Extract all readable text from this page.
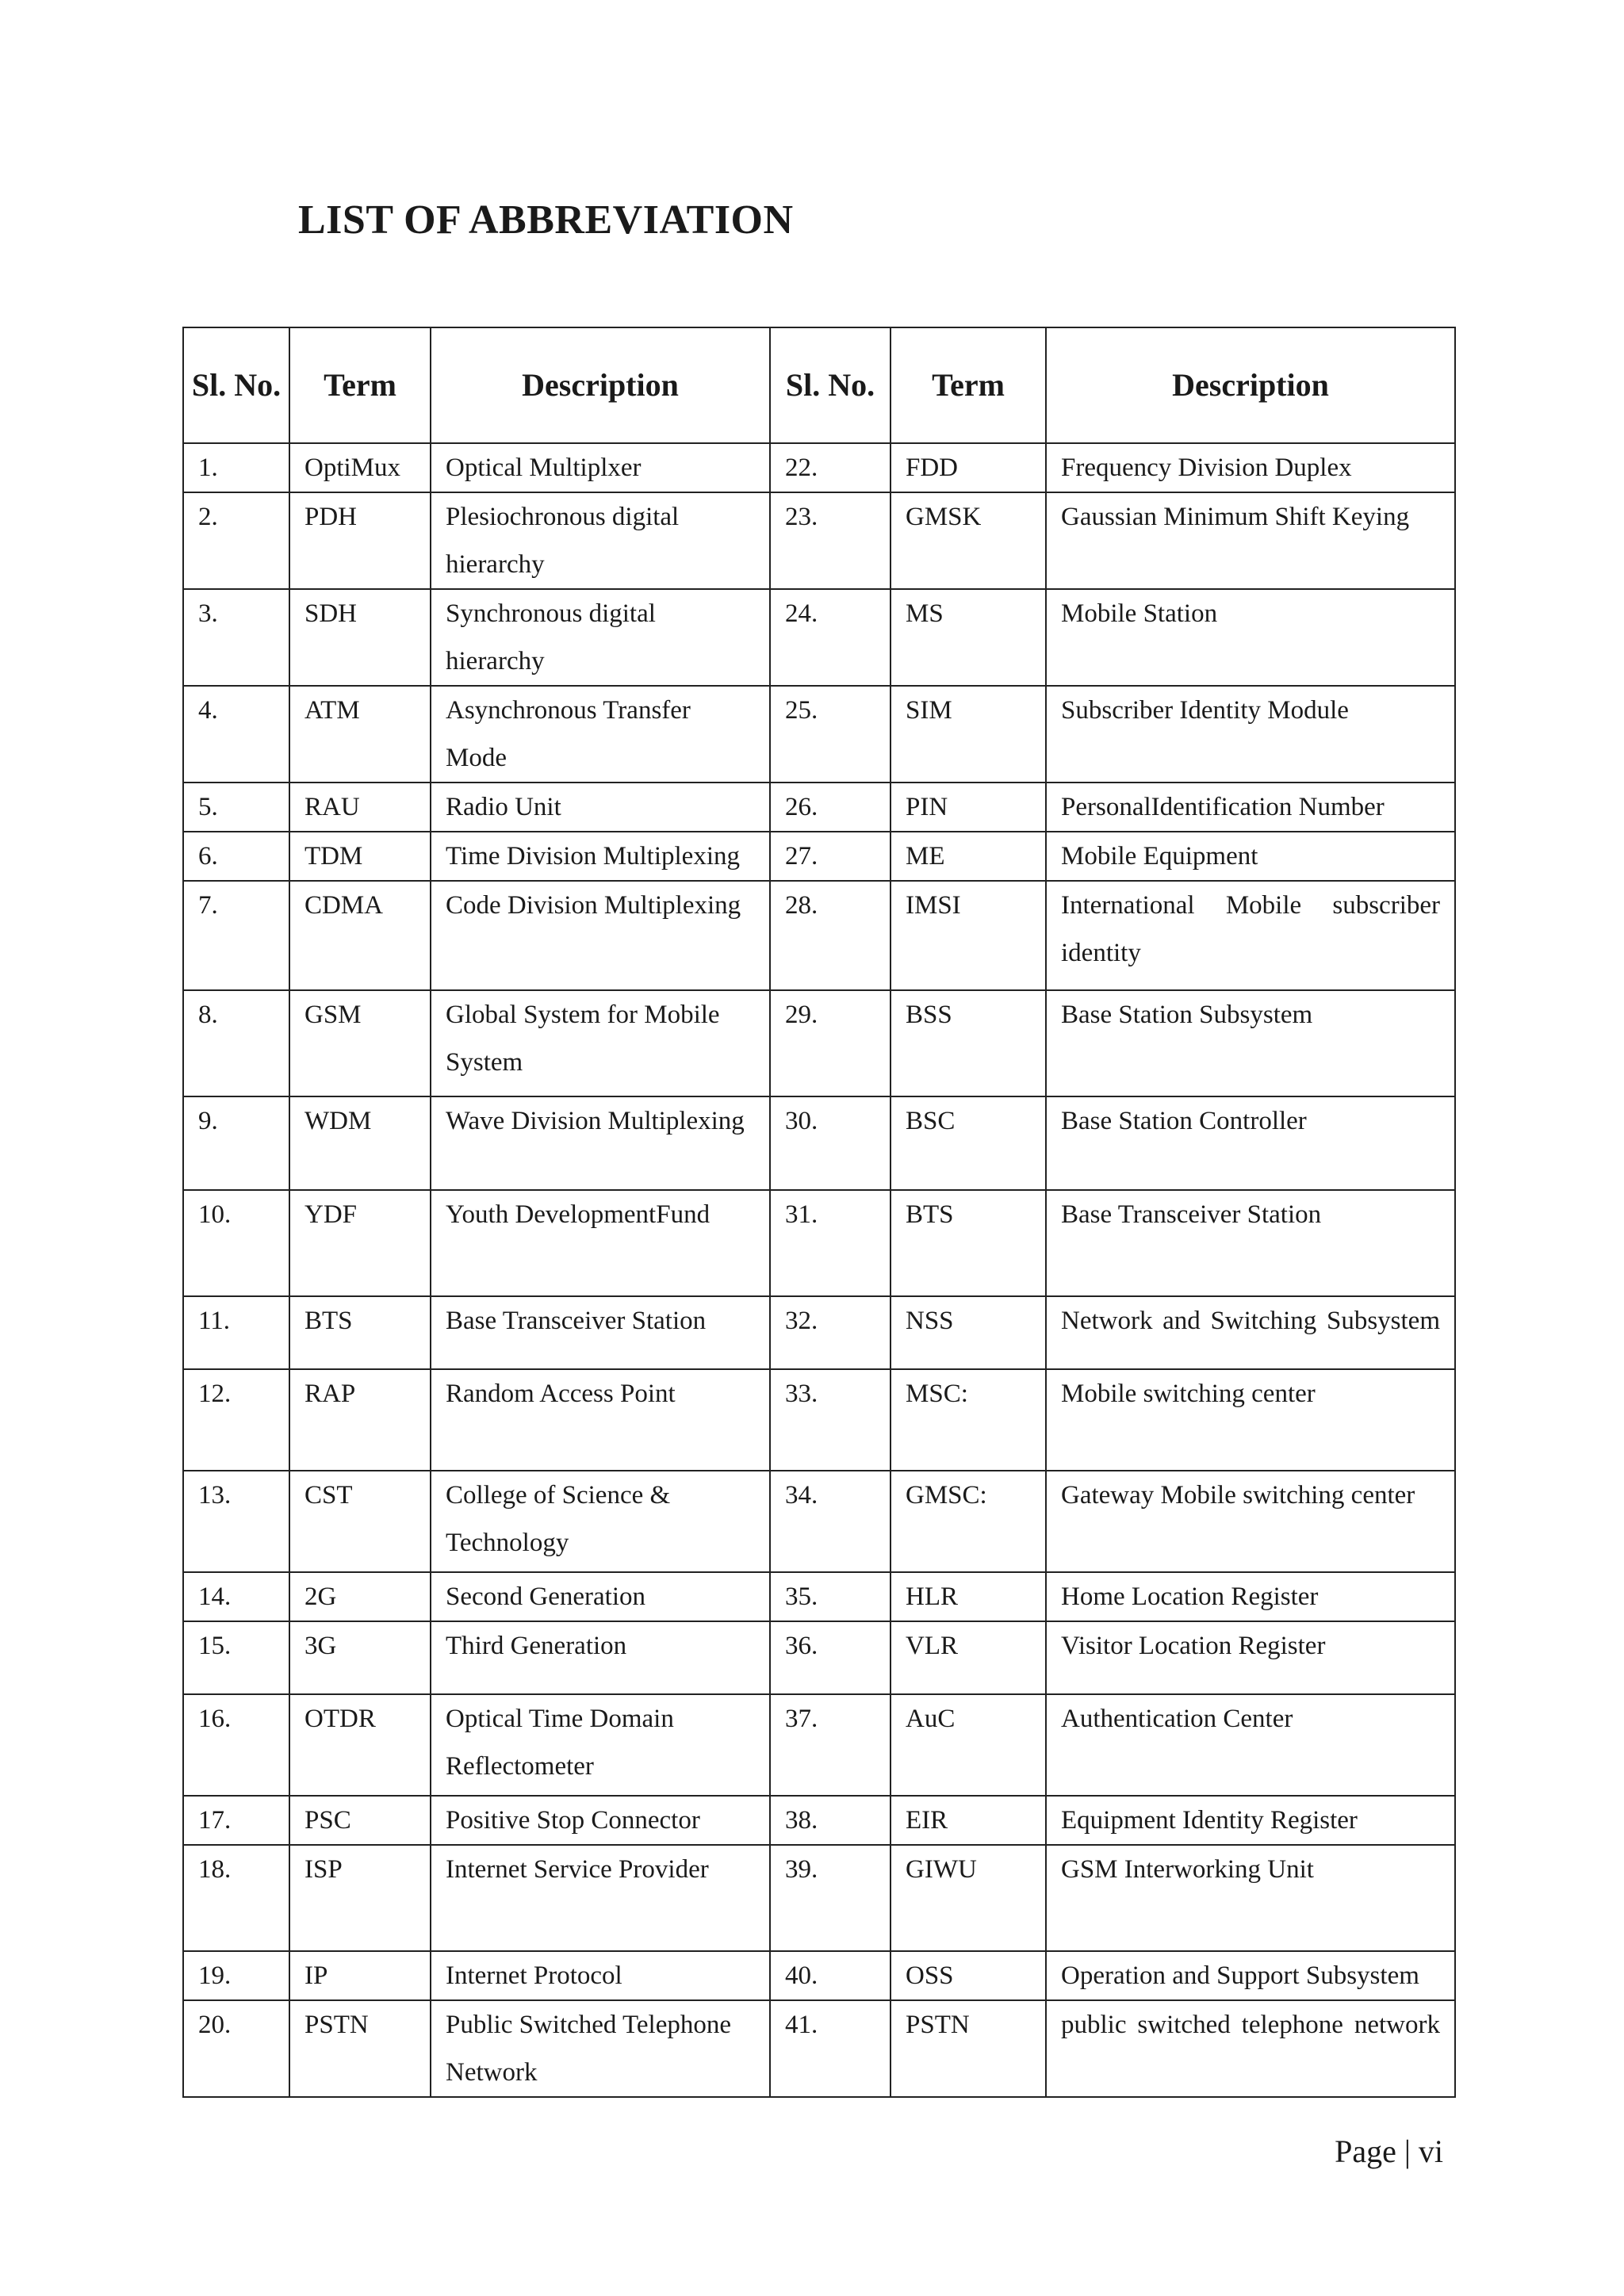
LIST OF ABBREVIATION
Sl. No.	Term	Description	Sl. No.	Term	Description
1.	OptiMux	Optical Multiplxer	22.	FDD	Frequency Division Duplex
2.	PDH	Plesiochronous digital hierarchy	23.	GMSK	Gaussian Minimum Shift Keying
3.	SDH	Synchronous digital hierarchy	24.	MS	Mobile Station
4.	ATM	Asynchronous Transfer Mode	25.	SIM	Subscriber Identity Module
5.	RAU	Radio Unit	26.	PIN	PersonalIdentification Number
6.	TDM	Time Division Multiplexing	27.	ME	Mobile Equipment
7.	CDMA	Code Division Multiplexing	28.	IMSI	International Mobile subscriber identity
8.	GSM	Global System for Mobile System	29.	BSS	Base Station Subsystem
9.	WDM	Wave Division Multiplexing	30.	BSC	Base Station Controller
10.	YDF	Youth DevelopmentFund	31.	BTS	Base Transceiver Station
11.	BTS	Base Transceiver Station	32.	NSS	Network and Switching Subsystem
12.	RAP	Random Access Point	33.	MSC:	Mobile switching center
13.	CST	College of Science & Technology	34.	GMSC:	Gateway Mobile switching center
14.	2G	Second Generation	35.	HLR	Home Location Register
15.	3G	Third Generation	36.	VLR	Visitor Location Register
16.	OTDR	Optical Time Domain Reflectometer	37.	AuC	Authentication Center
17.	PSC	Positive Stop Connector	38.	EIR	Equipment Identity Register
18.	ISP	Internet Service Provider	39.	GIWU	GSM Interworking Unit
19.	IP	Internet Protocol	40.	OSS	Operation and Support Subsystem
20.	PSTN	Public Switched Telephone Network	41.	PSTN	public switched telephone network
Page | vi
